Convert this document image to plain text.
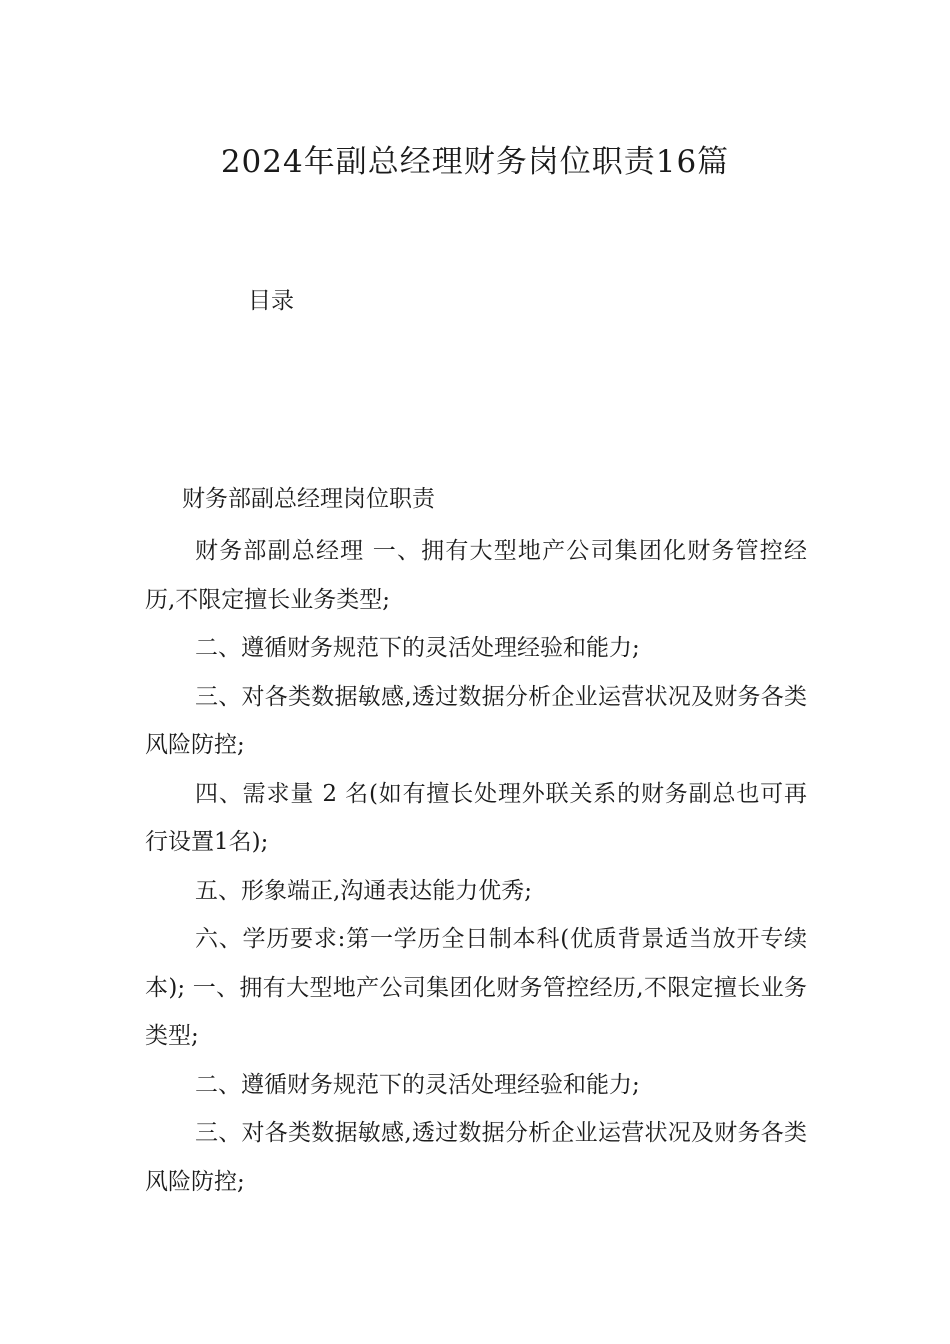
2024年副总经理财务岗位职责16篇
目录
财务部副总经理岗位职责

财务部副总经理 一、拥有大型地产公司集团化财务管控经历,不限定擅长业务类型;

二、遵循财务规范下的灵活处理经验和能力;

三、对各类数据敏感,透过数据分析企业运营状况及财务各类风险防控;

四、需求量 2 名(如有擅长处理外联关系的财务副总也可再行设置1名);

五、形象端正,沟通表达能力优秀;

六、学历要求:第一学历全日制本科(优质背景适当放开专续本); 一、拥有大型地产公司集团化财务管控经历,不限定擅长业务类型;

二、遵循财务规范下的灵活处理经验和能力;

三、对各类数据敏感,透过数据分析企业运营状况及财务各类风险防控;
